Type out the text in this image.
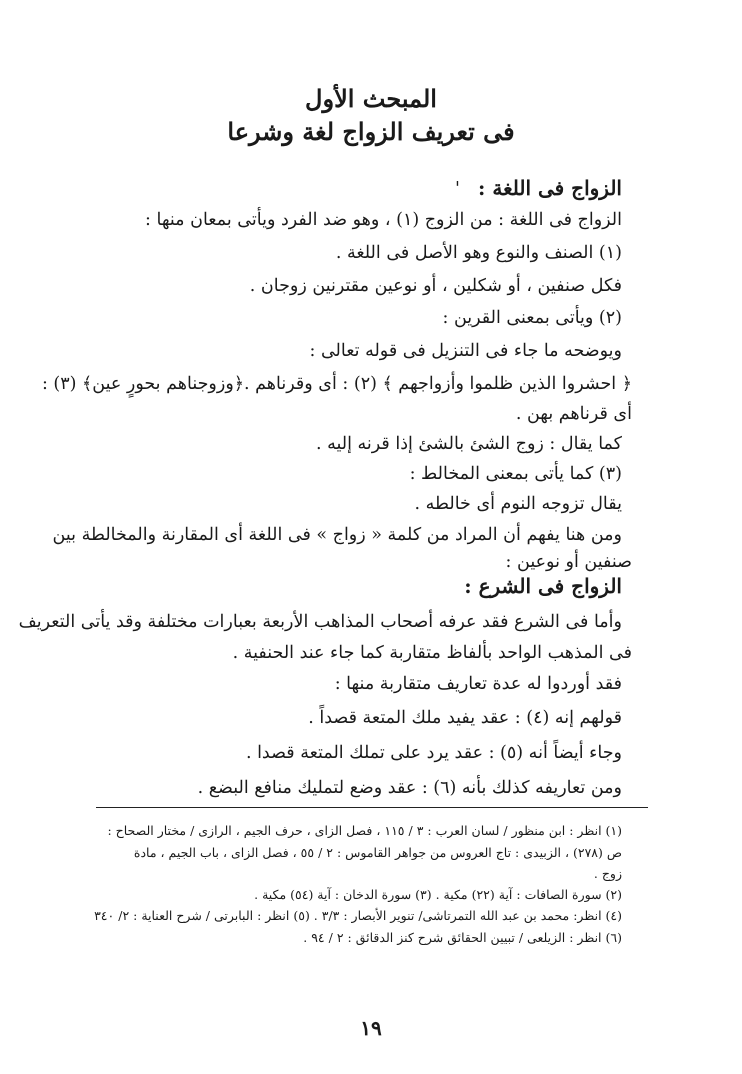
المبحث الأول
فى تعريف الزواج لغة وشرعا
الزواج فى اللغة :
'
الزواج فى اللغة : من الزوج (١) ، وهو ضد الفرد ويأتى بمعان منها :
(١) الصنف والنوع وهو الأصل فى اللغة .
فكل صنفين ، أو شكلين ، أو نوعين مقترنين زوجان .
(٢) ويأتى بمعنى القرين :
ويوضحه ما جاء فى التنزيل فى قوله تعالى :
﴿ احشروا الذين ظلموا وأزواجهم ﴾ (٢) : أى وقرناهم .﴿وزوجناهم بحورٍ عين﴾ (٣) :
أى قرناهم بهن .
كما يقال : زوج الشئ بالشئ إذا قرنه إليه .
(٣) كما يأتى بمعنى المخالط :
يقال تزوجه النوم أى خالطه .
ومن هنا يفهم أن المراد من كلمة « زواج » فى اللغة أى المقارنة والمخالطة بين
صنفين أو نوعين :
الزواج فى الشرع :
وأما فى الشرع فقد عرفه أصحاب المذاهب الأربعة بعبارات مختلفة وقد يأتى التعريف
فى المذهب الواحد بألفاظ متقاربة كما جاء عند الحنفية .
فقد أوردوا له عدة تعاريف متقاربة منها :
قولهم إنه (٤) : عقد يفيد ملك المتعة قصداً .
وجاء أيضاً أنه (٥) : عقد يرد على تملك المتعة قصدا .
ومن تعاريفه كذلك بأنه (٦) : عقد وضع لتمليك منافع البضع .
(١) انظر : ابن منظور / لسان العرب : ٣ / ١١٥ ، فصل الزاى ، حرف الجيم ، الرازى / مختار الصحاح :
ص (٢٧٨) ، الزبيدى : تاج العروس من جواهر القاموس : ٢ / ٥٥ ، فصل الزاى ، باب الجيم ، مادة
زوج .
(٢) سورة الصافات : آية (٢٢) مكية . (٣) سورة الدخان : آية (٥٤) مكية .
(٤) انظر: محمد بن عبد الله التمرتاشى/ تنوير الأبصار : ٣/٣ . (٥) انظر : البابرتى / شرح العناية : ٢/ ٣٤٠
(٦) انظر : الزيلعى / تبيين الحقائق شرح كنز الدقائق : ٢ / ٩٤ .
١٩
